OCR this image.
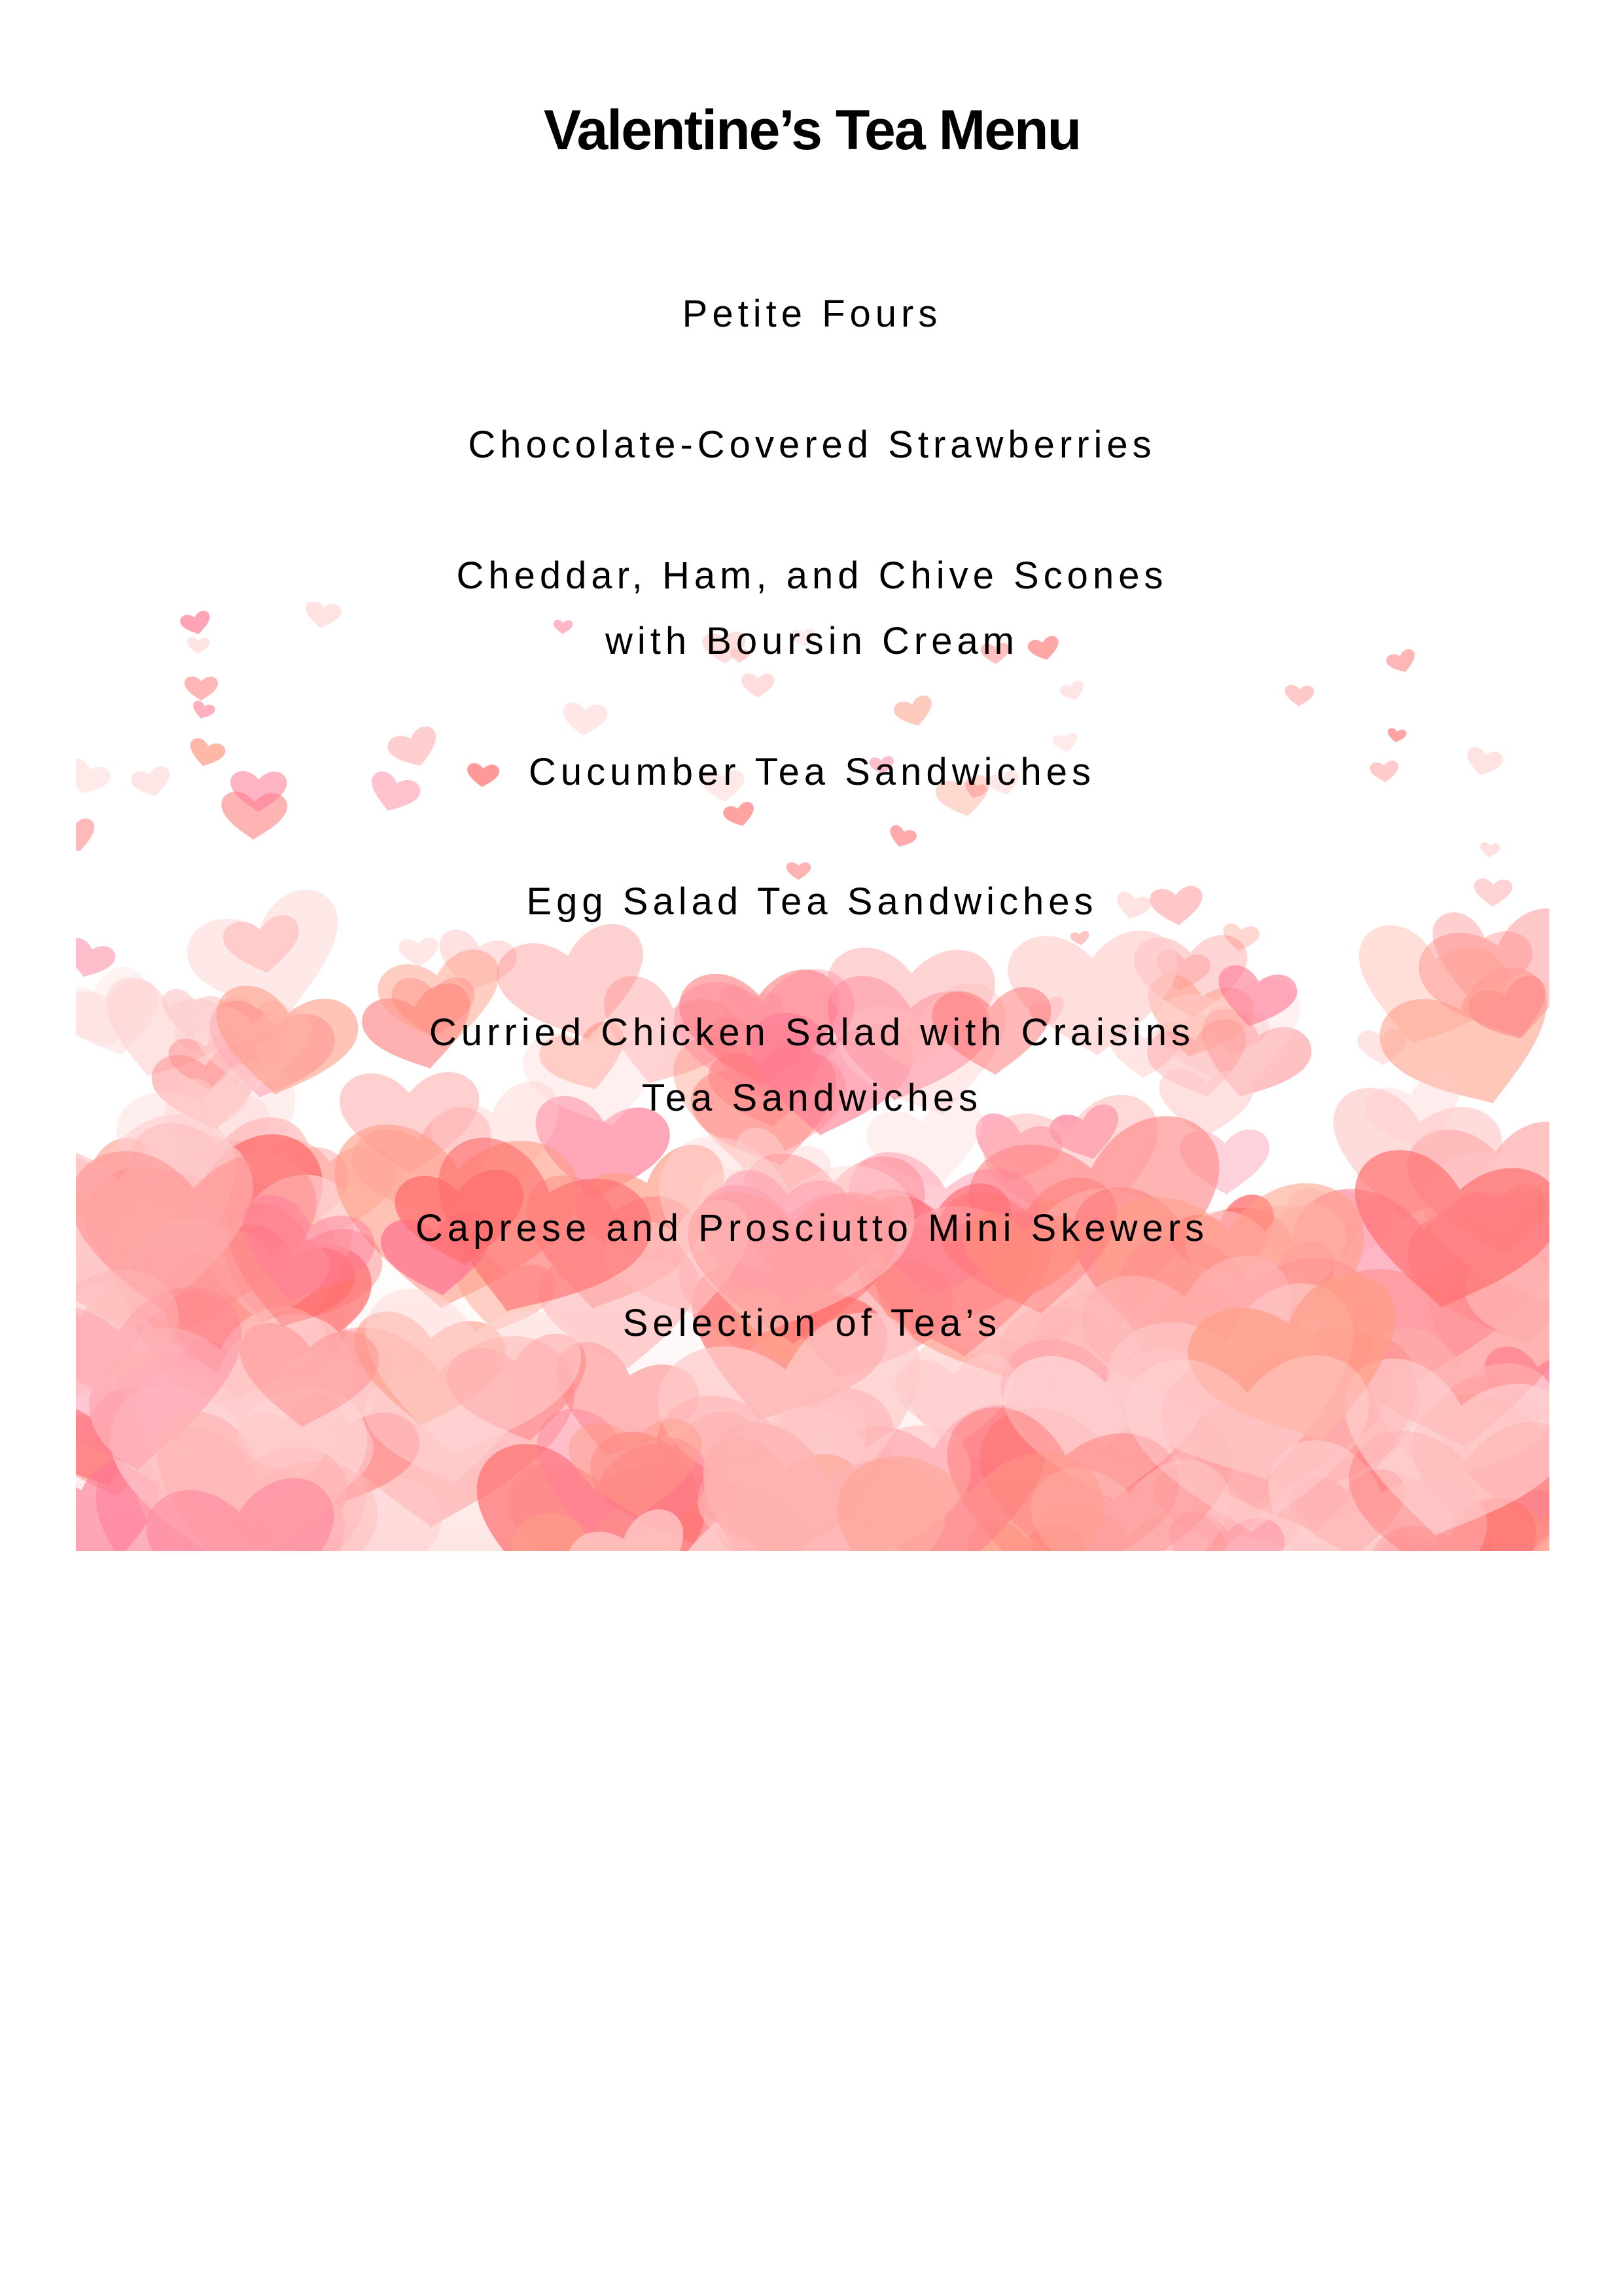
Valentine’s Tea Menu
Petite Fours
Chocolate-Covered Strawberries
Cheddar, Ham, and Chive Scones
with Boursin Cream
Cucumber Tea Sandwiches
Egg Salad Tea Sandwiches
Curried Chicken Salad with Craisins
Tea Sandwiches
Caprese and Prosciutto Mini Skewers
Selection of Tea’s
